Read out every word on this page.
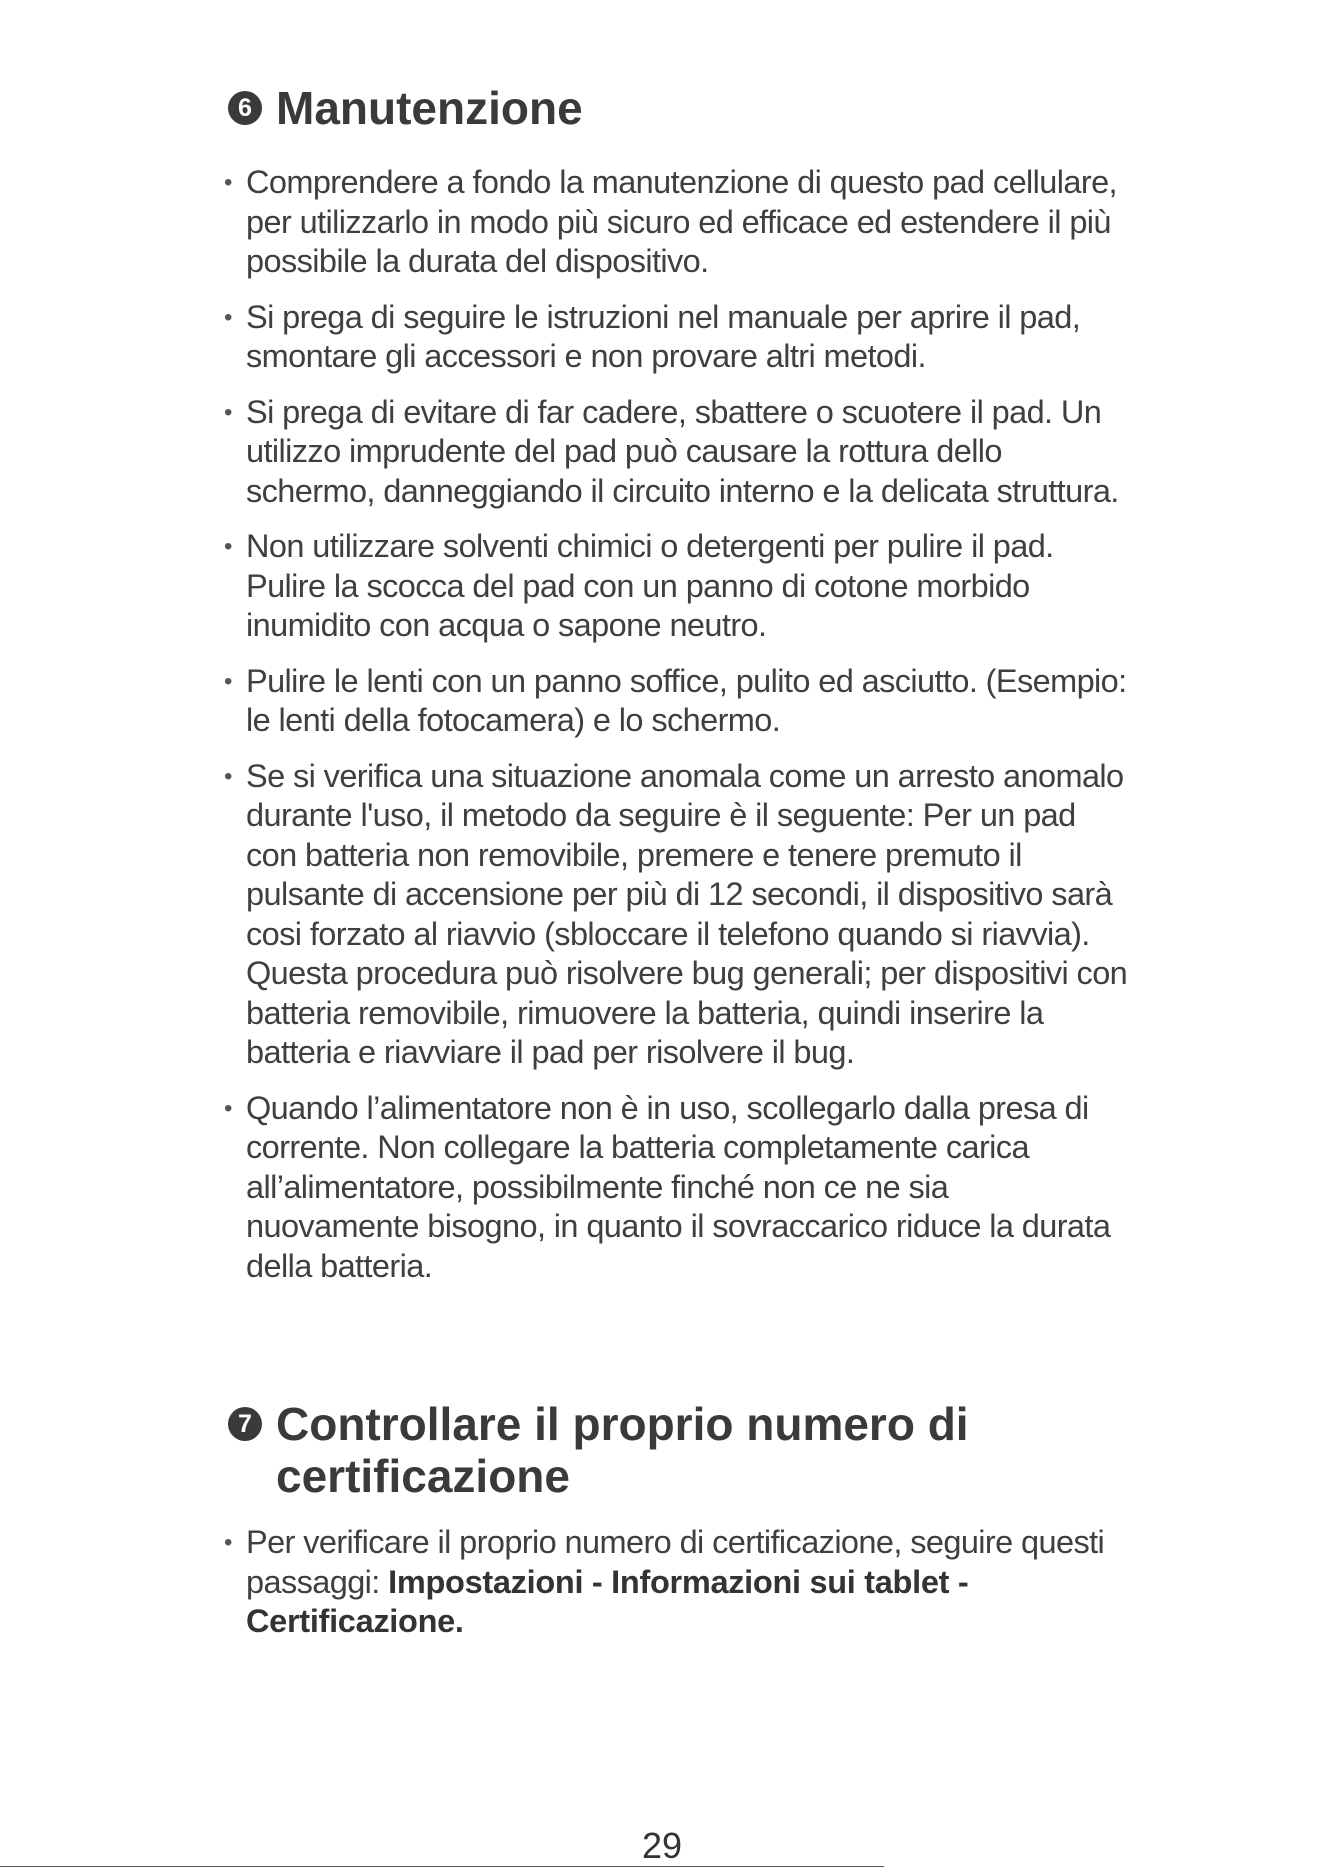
6 Manutenzione
• Comprendere a fondo la manutenzione di questo pad cellulare, per utilizzarlo in modo più sicuro ed efficace ed estendere il più possibile la durata del dispositivo.
• Si prega di seguire le istruzioni nel manuale per aprire il pad, smontare gli accessori e non provare altri metodi.
• Si prega di evitare di far cadere, sbattere o scuotere il pad. Un utilizzo imprudente del pad può causare la rottura dello schermo, danneggiando il circuito interno e la delicata struttura.
• Non utilizzare solventi chimici o detergenti per pulire il pad. Pulire la scocca del pad con un panno di cotone morbido inumidito con acqua o sapone neutro.
• Pulire le lenti con un panno soffice, pulito ed asciutto. (Esempio: le lenti della fotocamera) e lo schermo.
• Se si verifica una situazione anomala come un arresto anomalo durante l'uso, il metodo da seguire è il seguente: Per un pad con batteria non removibile, premere e tenere premuto il pulsante di accensione per più di 12 secondi, il dispositivo sarà cosi forzato al riavvio (sbloccare il telefono quando si riavvia). Questa procedura può risolvere bug generali; per dispositivi con batteria removibile, rimuovere la batteria, quindi inserire la batteria e riavviare il pad per risolvere il bug.
• Quando l’alimentatore non è in uso, scollegarlo dalla presa di corrente. Non collegare la batteria completamente carica all’alimentatore, possibilmente finché non ce ne sia nuovamente bisogno, in quanto il sovraccarico riduce la durata della batteria.
7 Controllare il proprio numero di certificazione
• Per verificare il proprio numero di certificazione, seguire questi passaggi: Impostazioni - Informazioni sui tablet - Certificazione.
29
